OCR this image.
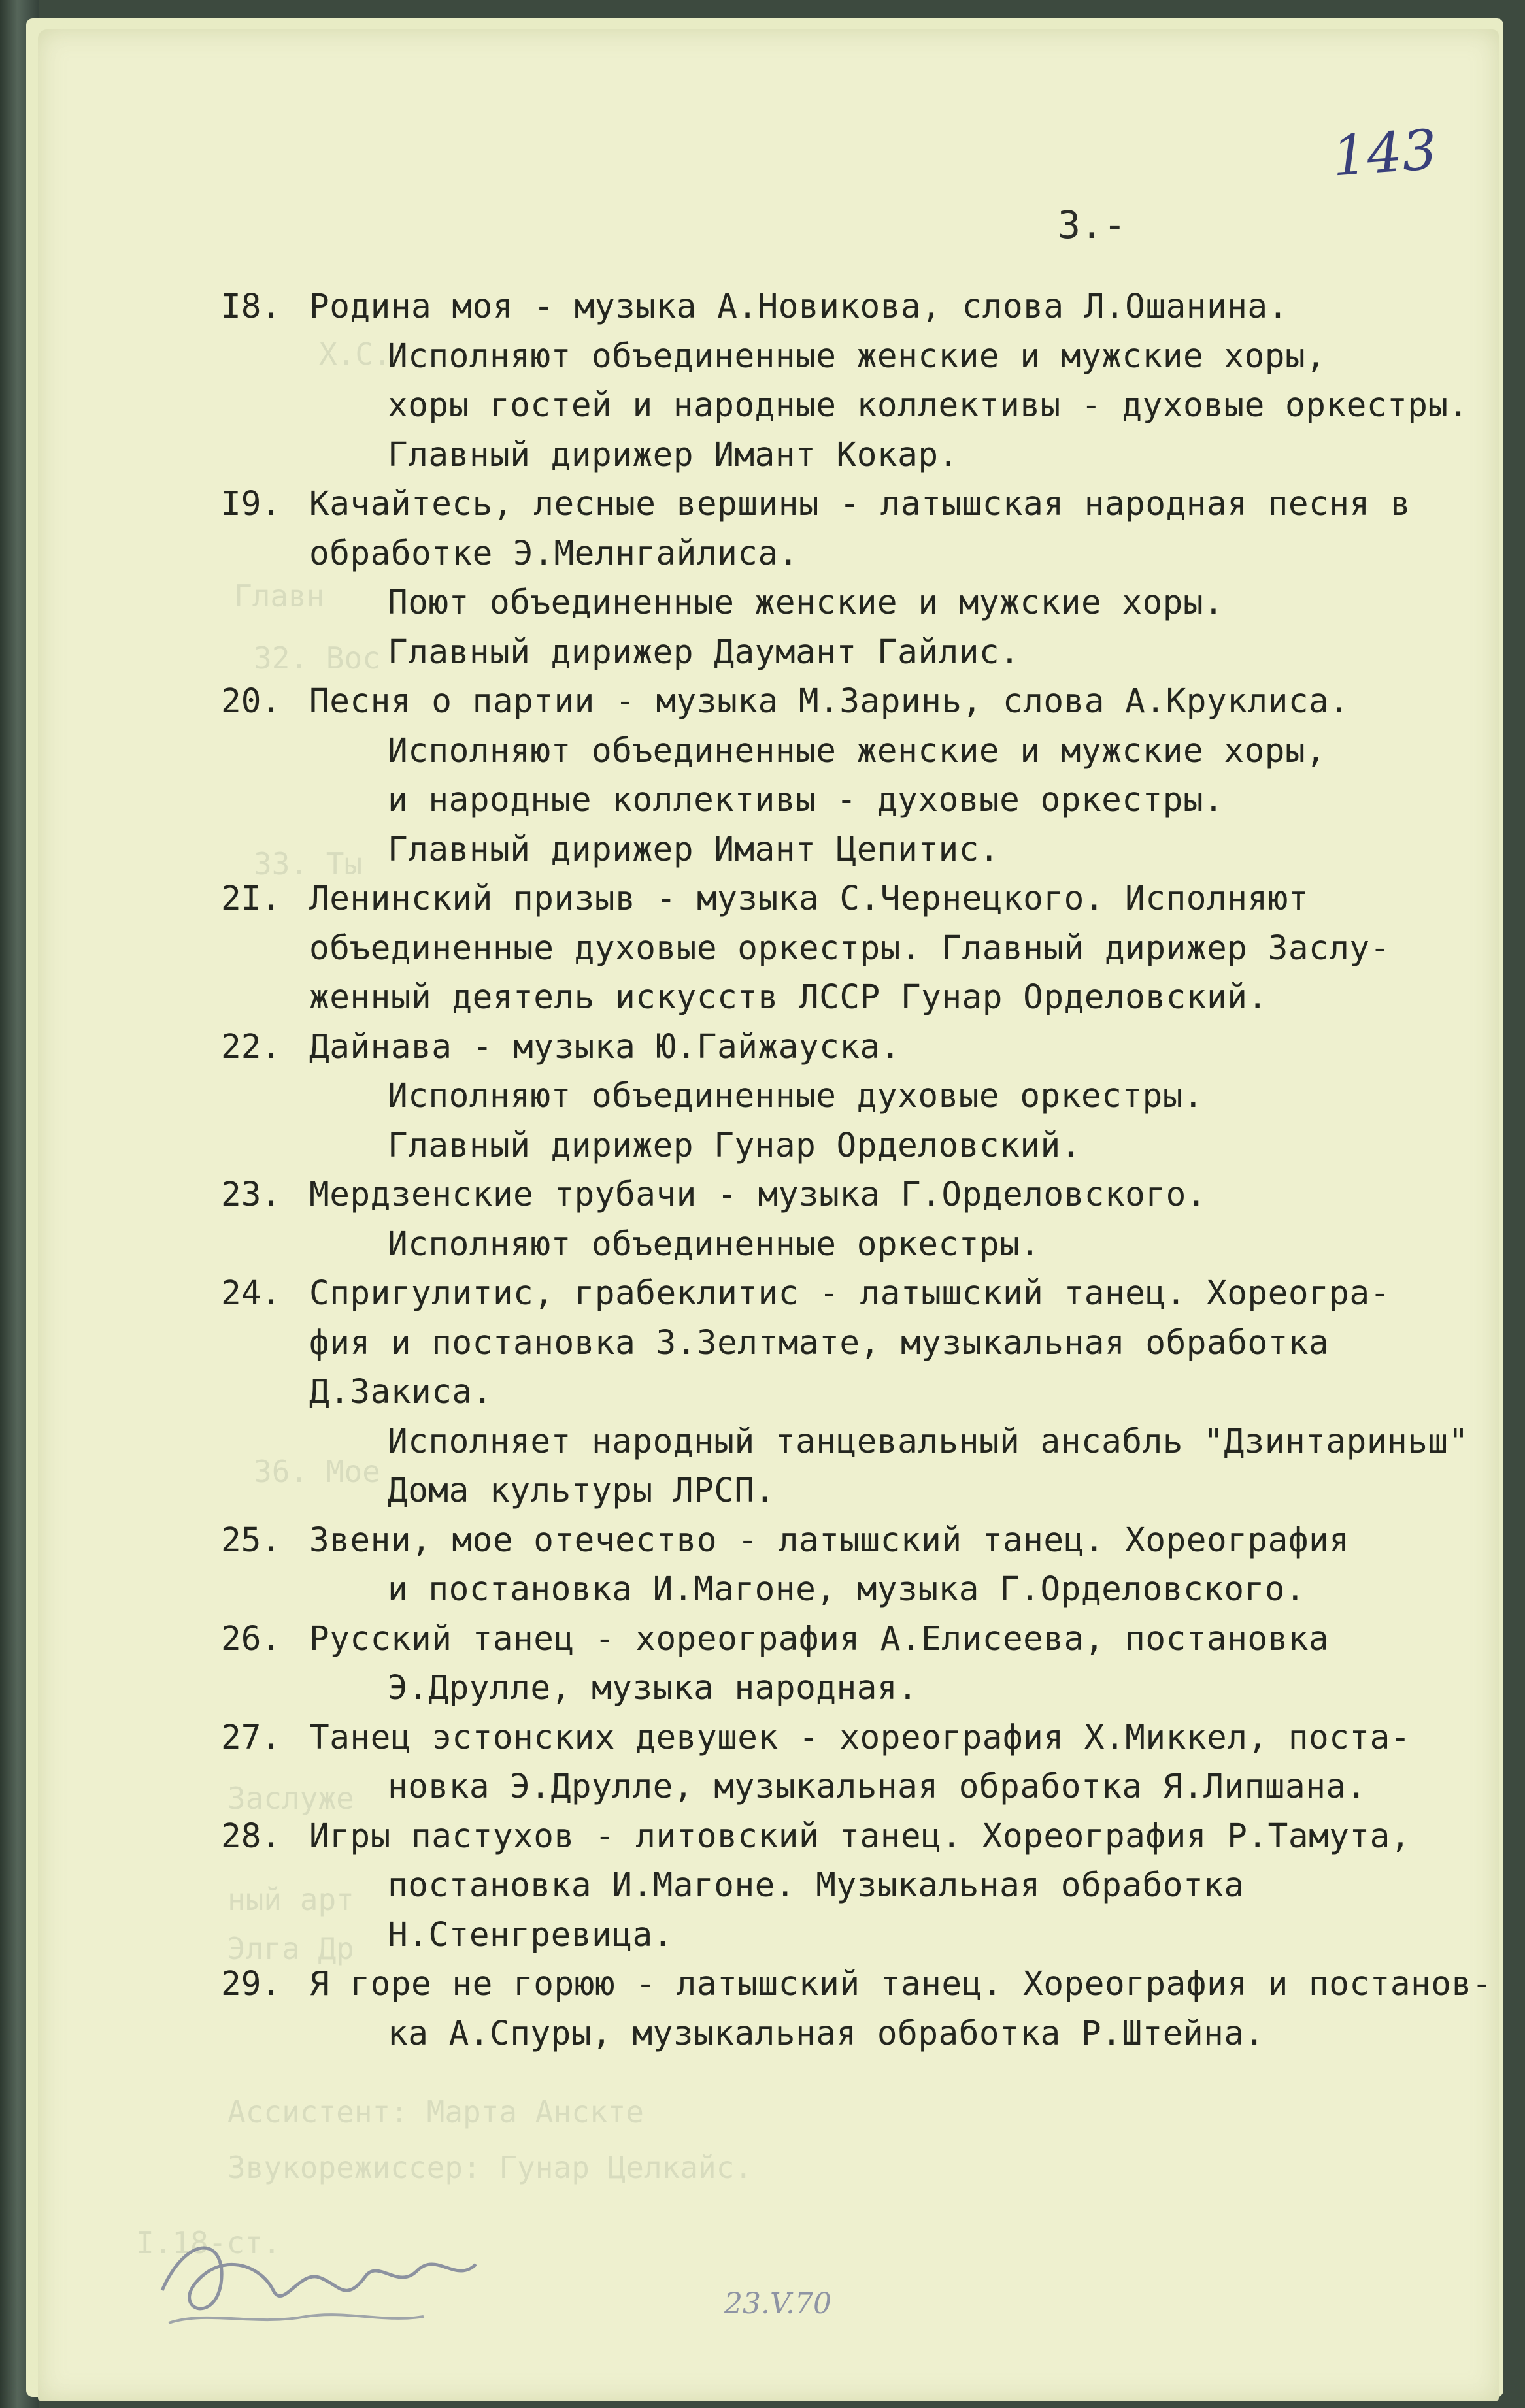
Х.С.
Главн
32. Вос
33. Ты
36. Мое
Заслуже
ный арт
Элга Др
Ассистент: Марта Анскте
Звукорежиссер: Гунар Целкайс.
I.18-ст.
143
3.-
I8. Родина моя - музыка А.Новикова, слова Л.Ошанина.
Исполняют объединенные женские и мужские хоры,
хоры гостей и народные коллективы - духовые оркестры.
Главный дирижер Имант Кокар.
I9. Качайтесь, лесные вершины - латышская народная песня в
обработке Э.Мелнгайлиса.
Поют объединенные женские и мужские хоры.
Главный дирижер Даумант Гайлис.
20. Песня о партии - музыка М.Заринь, слова А.Круклиса.
Исполняют объединенные женские и мужские хоры,
и народные коллективы - духовые оркестры.
Главный дирижер Имант Цепитис.
2I. Ленинский призыв - музыка С.Чернецкого. Исполняют
объединенные духовые оркестры. Главный дирижер Заслу-
женный деятель искусств ЛССР Гунар Орделовский.
22. Дайнава - музыка Ю.Гайжауска.
Исполняют объединенные духовые оркестры.
Главный дирижер Гунар Орделовский.
23. Мердзенские трубачи - музыка Г.Орделовского.
Исполняют объединенные оркестры.
24. Спригулитис, грабеклитис - латышский танец. Хореогра-
фия и постановка З.Зелтмате, музыкальная обработка
Д.Закиса.
Исполняет народный танцевальный ансабль "Дзинтариньш"
Дома культуры ЛРСП.
25. Звени, мое отечество - латышский танец. Хореография
и постановка И.Магоне, музыка Г.Орделовского.
26. Русский танец - хореография А.Елисеева, постановка
Э.Друлле, музыка народная.
27. Танец эстонских девушек - хореография Х.Миккел, поста-
новка Э.Друлле, музыкальная обработка Я.Липшана.
28. Игры пастухов - литовский танец. Хореография Р.Тамута,
постановка И.Магоне. Музыкальная обработка
Н.Стенгревица.
29. Я горе не горюю - латышский танец. Хореография и постанов-
ка А.Спуры, музыкальная обработка Р.Штейна.
23.V.70
